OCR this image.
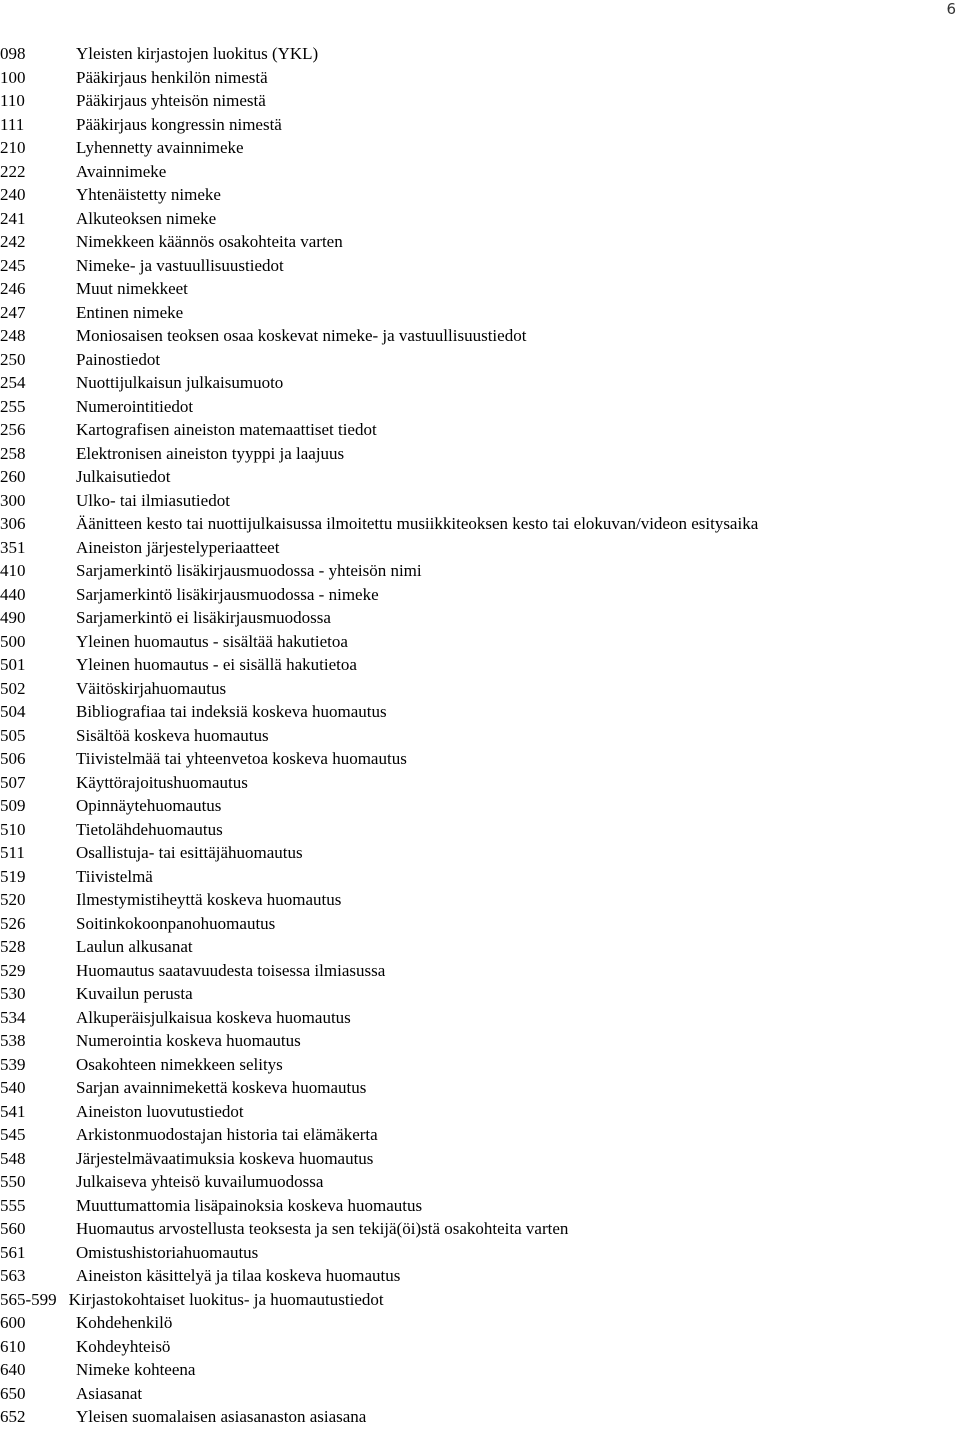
6
098	Yleisten kirjastojen luokitus (YKL)
100	Pääkirjaus henkilön nimestä
110	Pääkirjaus yhteisön nimestä
111	Pääkirjaus kongressin nimestä
210	Lyhennetty avainnimeke
222	Avainnimeke
240	Yhtenäistetty nimeke
241	Alkuteoksen nimeke
242	Nimekkeen käännös osakohteita varten
245	Nimeke- ja vastuullisuustiedot
246	Muut nimekkeet
247	Entinen nimeke
248	Moniosaisen teoksen osaa koskevat nimeke- ja vastuullisuustiedot
250	Painostiedot
254	Nuottijulkaisun julkaisumuoto
255	Numerointitiedot
256	Kartografisen aineiston matemaattiset tiedot
258	Elektronisen aineiston tyyppi ja laajuus
260	Julkaisutiedot
300	Ulko- tai ilmiasutiedot
306	Äänitteen kesto tai nuottijulkaisussa ilmoitettu musiikkiteoksen kesto tai elokuvan/videon esitysaika
351	Aineiston järjestelyperiaatteet
410	Sarjamerkintö lisäkirjausmuodossa - yhteisön nimi
440	Sarjamerkintö lisäkirjausmuodossa - nimeke
490	Sarjamerkintö ei lisäkirjausmuodossa
500	Yleinen huomautus - sisältää hakutietoa
501	Yleinen huomautus - ei sisällä hakutietoa
502	Väitöskirjahuomautus
504	Bibliografiaa tai indeksiä koskeva huomautus
505	Sisältöä koskeva huomautus
506	Tiivistelmää tai yhteenvetoa koskeva huomautus
507	Käyttörajoitushuomautus
509	Opinnäytehuomautus
510	Tietolähdehuomautus
511	Osallistuja- tai esittäjähuomautus
519	Tiivistelmä
520	Ilmestymistiheyttä koskeva huomautus
526	Soitinkokoonpanohuomautus
528	Laulun alkusanat
529	Huomautus saatavuudesta toisessa ilmiasussa
530	Kuvailun perusta
534	Alkuperäisjulkaisua koskeva huomautus
538	Numerointia koskeva huomautus
539	Osakohteen nimekkeen selitys
540	Sarjan avainnimekettä koskeva huomautus
541	Aineiston luovutustiedot
545	Arkistonmuodostajan historia tai elämäkerta
548	Järjestelmävaatimuksia koskeva huomautus
550	Julkaiseva yhteisö kuvailumuodossa
555	Muuttumattomia lisäpainoksia koskeva huomautus
560	Huomautus arvostellusta teoksesta ja sen tekijä(öi)stä osakohteita varten
561	Omistushistoriahuomautus
563	Aineiston käsittelyä ja tilaa koskeva huomautus
565-599 Kirjastokohtaiset luokitus- ja huomautustiedot
600	Kohdehenkilö
610	Kohdeyhteisö
640	Nimeke kohteena
650	Asiasanat
652	Yleisen suomalaisen asiasanaston asiasana
